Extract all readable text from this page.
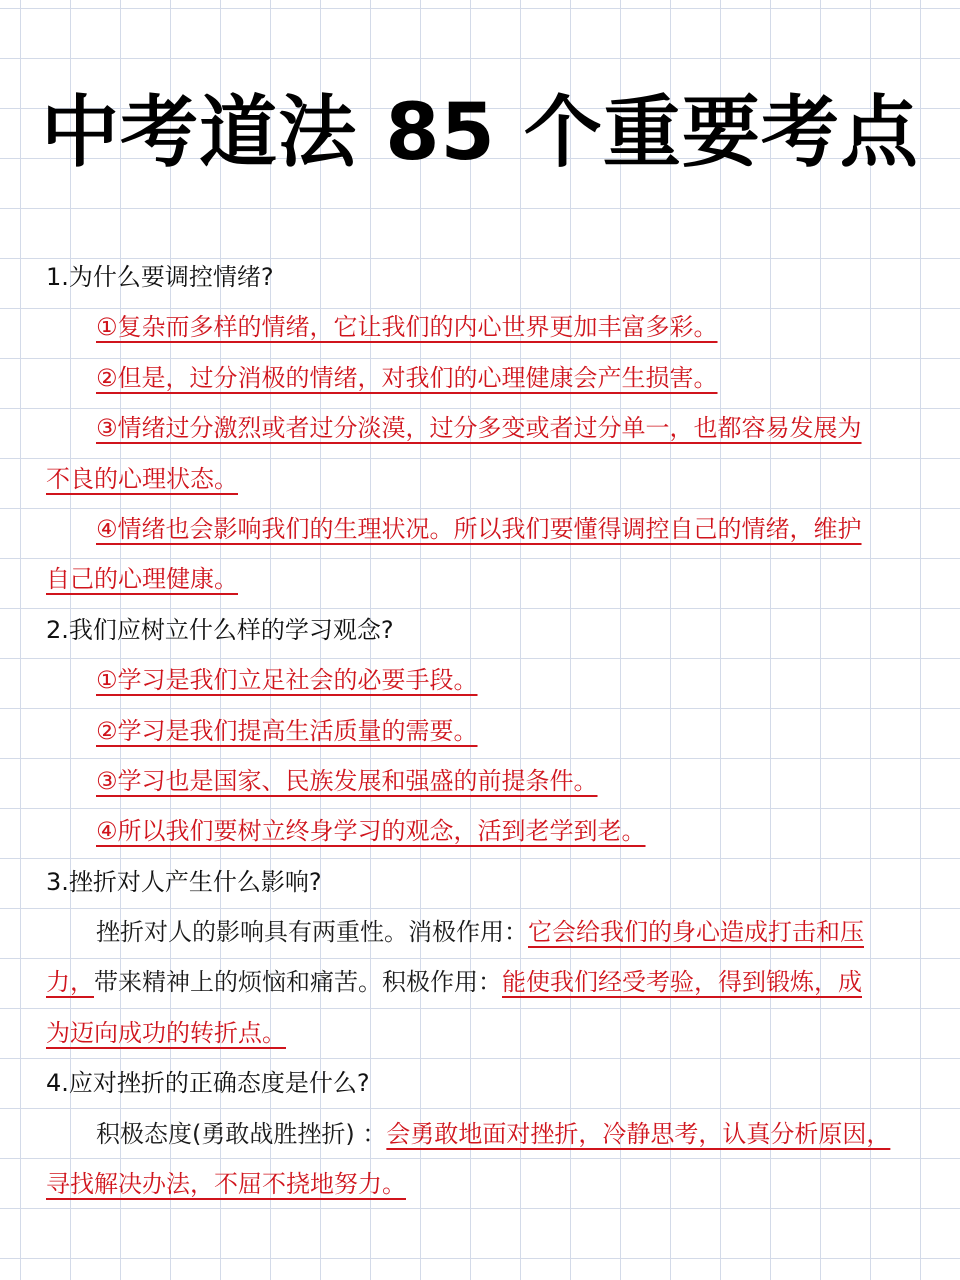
中考道法 85 个重要考点
1.为什么要调控情绪?
①复杂而多样的情绪，它让我们的内心世界更加丰富多彩。
②但是，过分消极的情绪，对我们的心理健康会产生损害。
③情绪过分激烈或者过分淡漠，过分多变或者过分单一，也都容易发展为
不良的心理状态。
④情绪也会影响我们的生理状况。所以我们要懂得调控自己的情绪，维护
自己的心理健康。
2.我们应树立什么样的学习观念?
①学习是我们立足社会的必要手段。
②学习是我们提高生活质量的需要。
③学习也是国家、民族发展和强盛的前提条件。
④所以我们要树立终身学习的观念，活到老学到老。
3.挫折对人产生什么影响?
挫折对人的影响具有两重性。消极作用：它会给我们的身心造成打击和压
力，带来精神上的烦恼和痛苦。积极作用：能使我们经受考验，得到锻炼，成
为迈向成功的转折点。
4.应对挫折的正确态度是什么?
积极态度(勇敢战胜挫折) ：会勇敢地面对挫折，冷静思考，认真分析原因，
寻找解决办法，不屈不挠地努力。
